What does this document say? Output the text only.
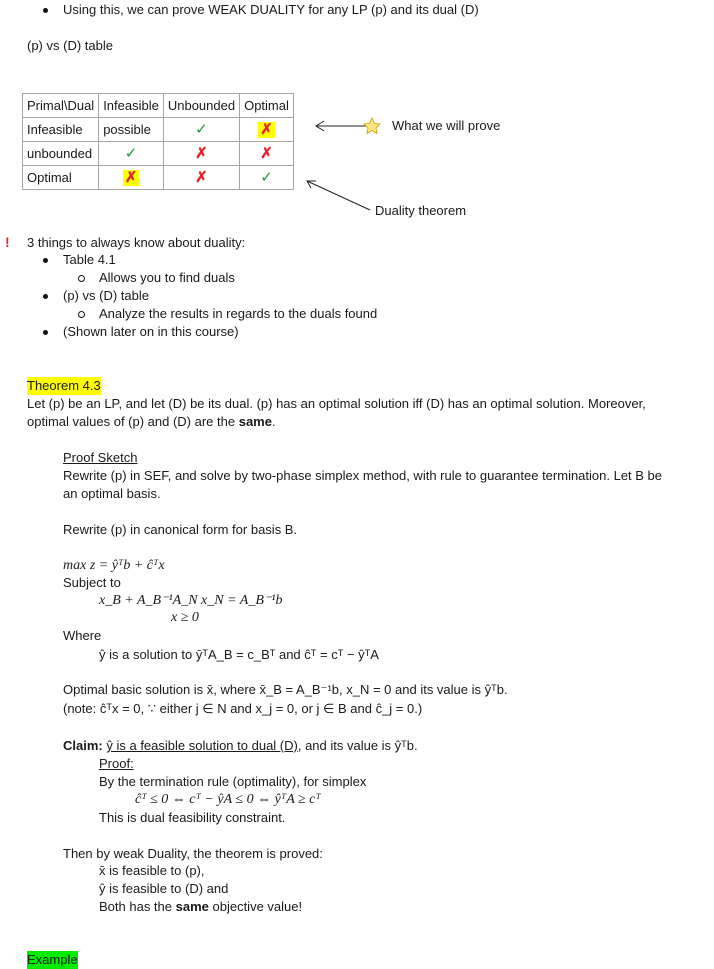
Using this, we can prove WEAK DUALITY for any LP (p) and its dual (D)
(p) vs (D) table
Primal\Dual	Infeasible	Unbounded	Optimal
Infeasible	possible	✓	✗

unbounded	✓	✗	✗

Optimal	✗	✗	✓
What we will prove
Duality theorem
! 3 things to always know about duality:
Table 4.1
Allows you to find duals
(p) vs (D) table
Analyze the results in regards to the duals found
(Shown later on in this course)
Theorem 4.3
Let (p) be an LP, and let (D) be its dual. (p) has an optimal solution iff (D) has an optimal solution. Moreover,
optimal values of (p) and (D) are the same.
Proof Sketch
Rewrite (p) in SEF, and solve by two-phase simplex method, with rule to guarantee termination. Let B be
an optimal basis.
Rewrite (p) in canonical form for basis B.
max z = ŷᵀb + ĉᵀx
Subject to
x_B + A_B⁻¹A_N x_N = A_B⁻¹b
x ≥ 0
Where
ŷ is a solution to ȳᵀA_B = c_Bᵀ and ĉᵀ = cᵀ − ŷᵀA
Optimal basic solution is x̄, where x̄_B = A_B⁻¹b, x_N = 0 and its value is ŷᵀb.
(note: ĉᵀx = 0, ∵ either j ∈ N and x_j = 0, or j ∈ B and ĉ_j = 0.)
Claim: ŷ is a feasible solution to dual (D), and its value is ŷᵀb.
Proof:
By the termination rule (optimality), for simplex
ĉᵀ ≤ 0 ⇔ cᵀ − ŷA ≤ 0 ⇔ ŷᵀA ≥ cᵀ
This is dual feasibility constraint.
Then by weak Duality, the theorem is proved:
x̄ is feasible to (p),
ŷ is feasible to (D) and
Both has the same objective value!
Example
